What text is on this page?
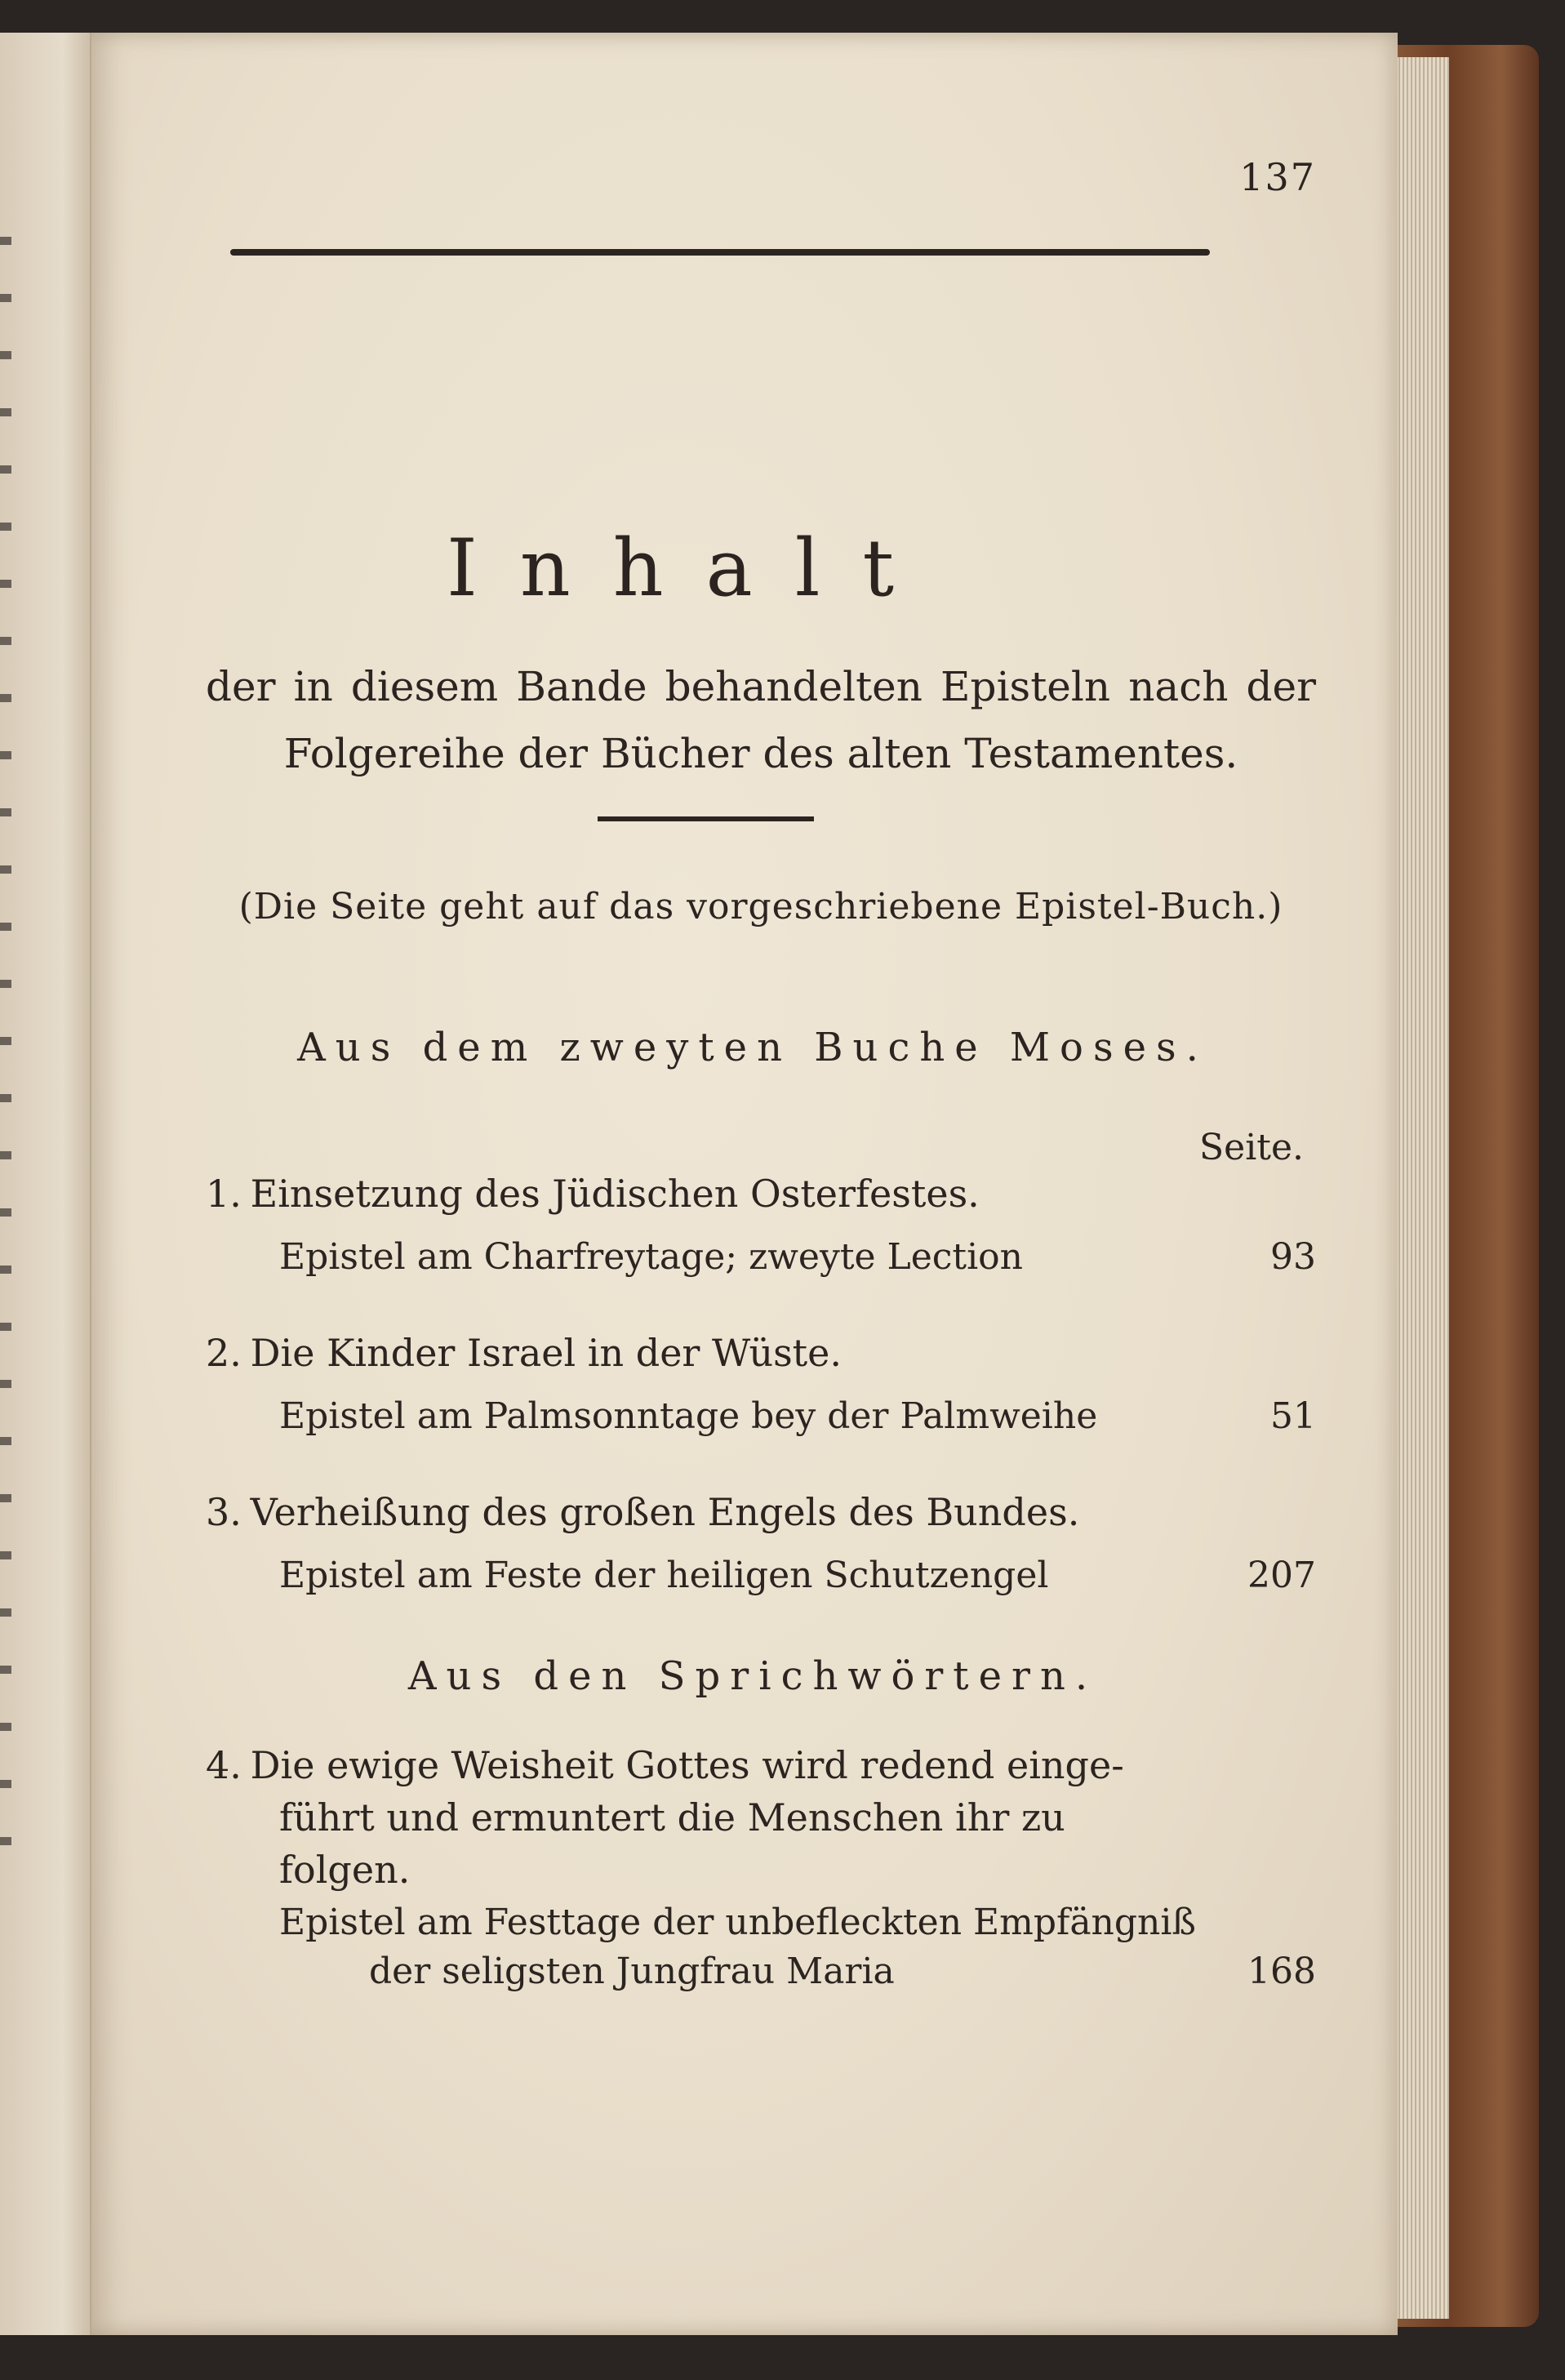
137
Inhalt
der in diesem Bande behandelten Episteln nach der Folgereihe der Bücher des alten Testamentes.
(Die Seite geht auf das vorgeschriebene Epistel-Buch.)
Aus dem zweyten Buche Moses.
Seite.
1. Einsetzung des Jüdischen Osterfestes.
Epistel am Charfreytage; zweyte Lection	93
2. Die Kinder Israel in der Wüste.
Epistel am Palmsonntage bey der Palmweihe	51
3. Verheißung des großen Engels des Bundes.
Epistel am Feste der heiligen Schutzengel	207
Aus den Sprichwörtern.
4. Die ewige Weisheit Gottes wird redend einge-
führt und ermuntert die Menschen ihr zu
folgen.
Epistel am Festtage der unbefleckten Empfängniß
der seligsten Jungfrau Maria	168
